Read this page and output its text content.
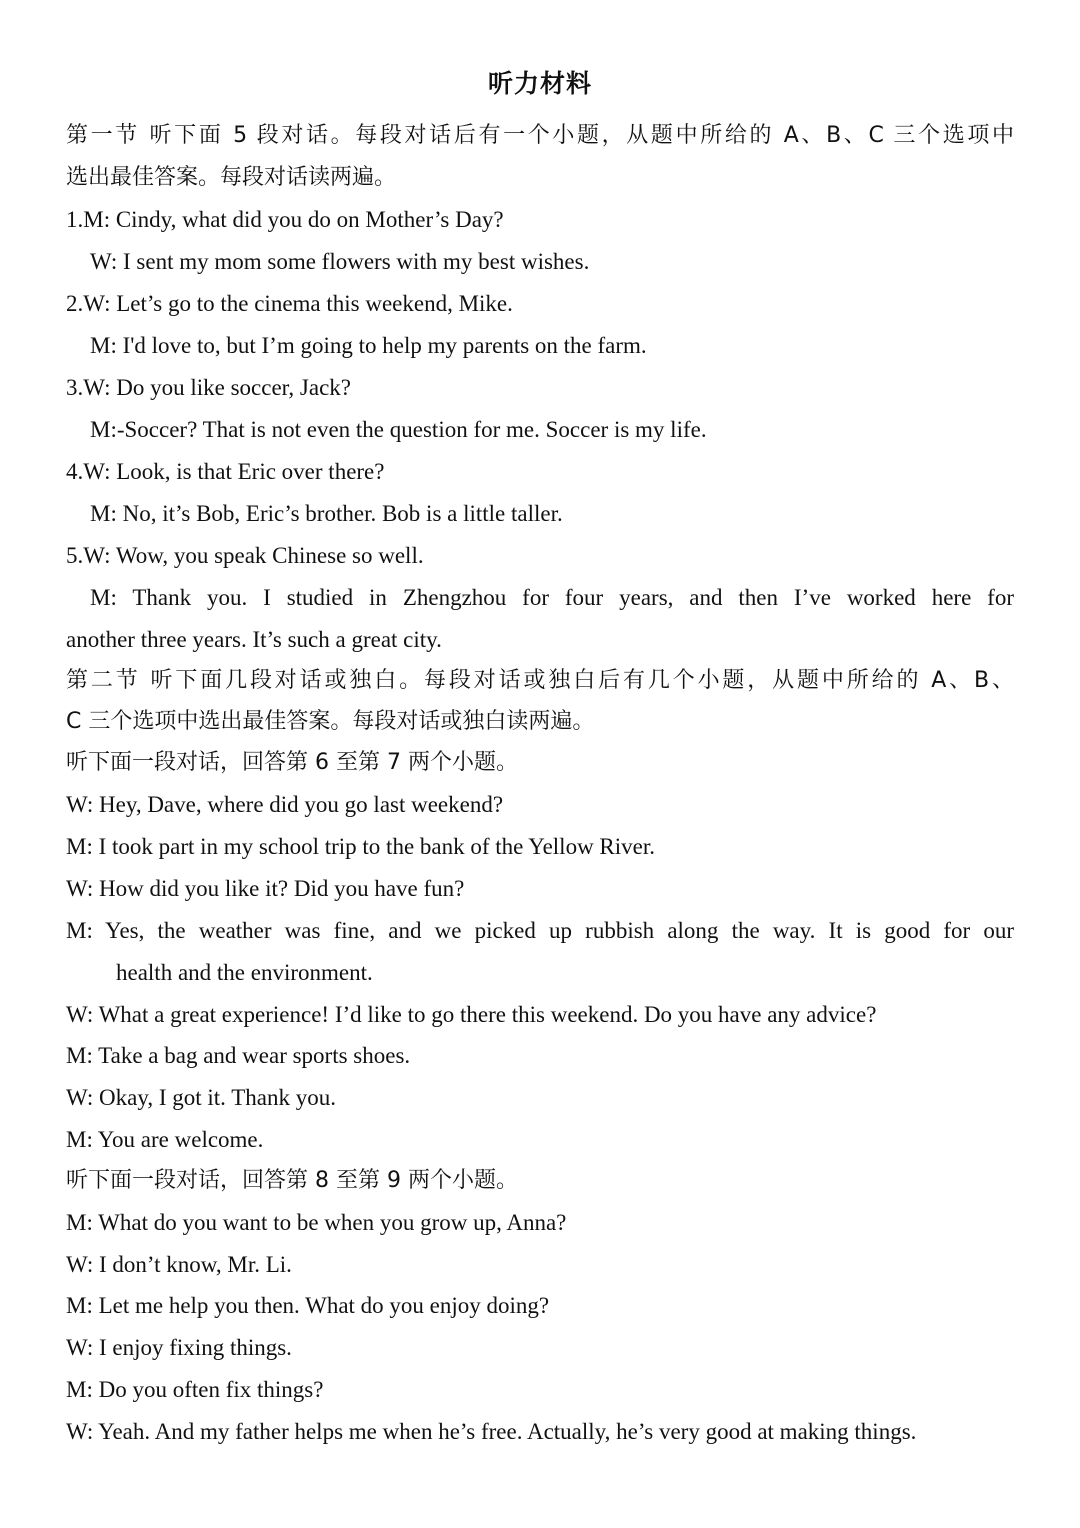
听力材料
第一节 听下面 5 段对话。每段对话后有一个小题，从题中所给的 A、B、C 三个选项中
选出最佳答案。每段对话读两遍。
1.M: Cindy, what did you do on Mother’s Day?
W: I sent my mom some flowers with my best wishes.
2.W: Let’s go to the cinema this weekend, Mike.
M: I'd love to, but I’m going to help my parents on the farm.
3.W: Do you like soccer, Jack?
M:-Soccer? That is not even the question for me. Soccer is my life.
4.W: Look, is that Eric over there?
M: No, it’s Bob, Eric’s brother. Bob is a little taller.
5.W: Wow, you speak Chinese so well.
M: Thank you. I studied in Zhengzhou for four years, and then I’ve worked here for
another three years. It’s such a great city.
第二节 听下面几段对话或独白。每段对话或独白后有几个小题，从题中所给的 A、B、
C 三个选项中选出最佳答案。每段对话或独白读两遍。
听下面一段对话，回答第 6 至第 7 两个小题。
W: Hey, Dave, where did you go last weekend?
M: I took part in my school trip to the bank of the Yellow River.
W: How did you like it? Did you have fun?
M: Yes, the weather was fine, and we picked up rubbish along the way. It is good for our
health and the environment.
W: What a great experience! I’d like to go there this weekend. Do you have any advice?
M: Take a bag and wear sports shoes.
W: Okay, I got it. Thank you.
M: You are welcome.
听下面一段对话，回答第 8 至第 9 两个小题。
M: What do you want to be when you grow up, Anna?
W: I don’t know, Mr. Li.
M: Let me help you then. What do you enjoy doing?
W: I enjoy fixing things.
M: Do you often fix things?
W: Yeah. And my father helps me when he’s free. Actually, he’s very good at making things.
